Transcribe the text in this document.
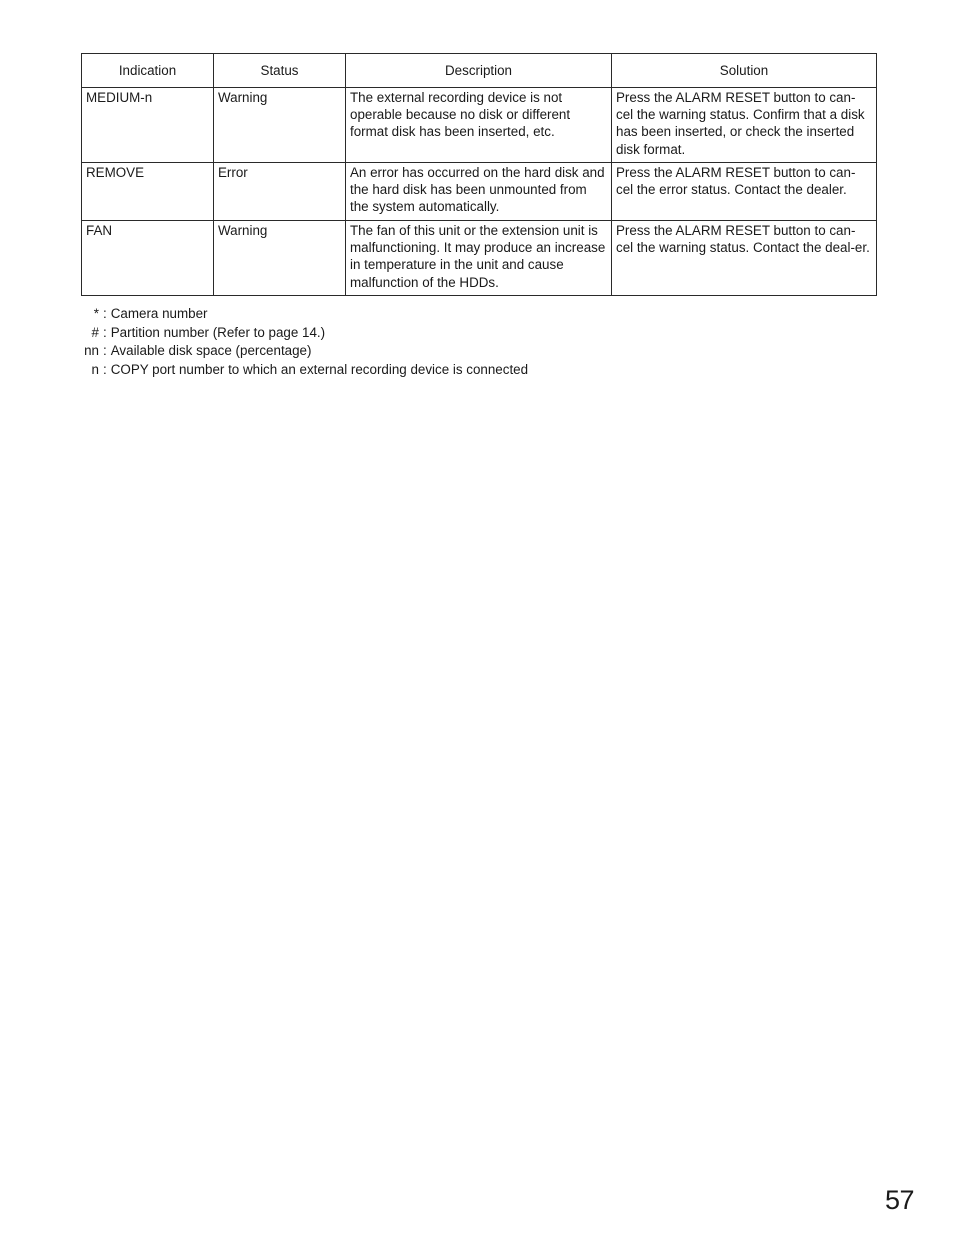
Indication	Status	Description	Solution
MEDIUM-n	Warning	The external recording device is not operable because no disk or different format disk has been inserted, etc.	Press the ALARM RESET button to can-cel the warning status. Confirm that a disk has been inserted, or check the inserted disk format.
REMOVE	Error	An error has occurred on the hard disk and the hard disk has been unmounted from the system automatically.	Press the ALARM RESET button to can-cel the error status. Contact the dealer.
FAN	Warning	The fan of this unit or the extension unit is malfunctioning. It may produce an increase in temperature in the unit and cause malfunction of the HDDs.	Press the ALARM RESET button to can-cel the warning status. Contact the deal-er.
* : Camera number
# : Partition number (Refer to page 14.)
nn : Available disk space (percentage)
n : COPY port number to which an external recording device is connected
57
